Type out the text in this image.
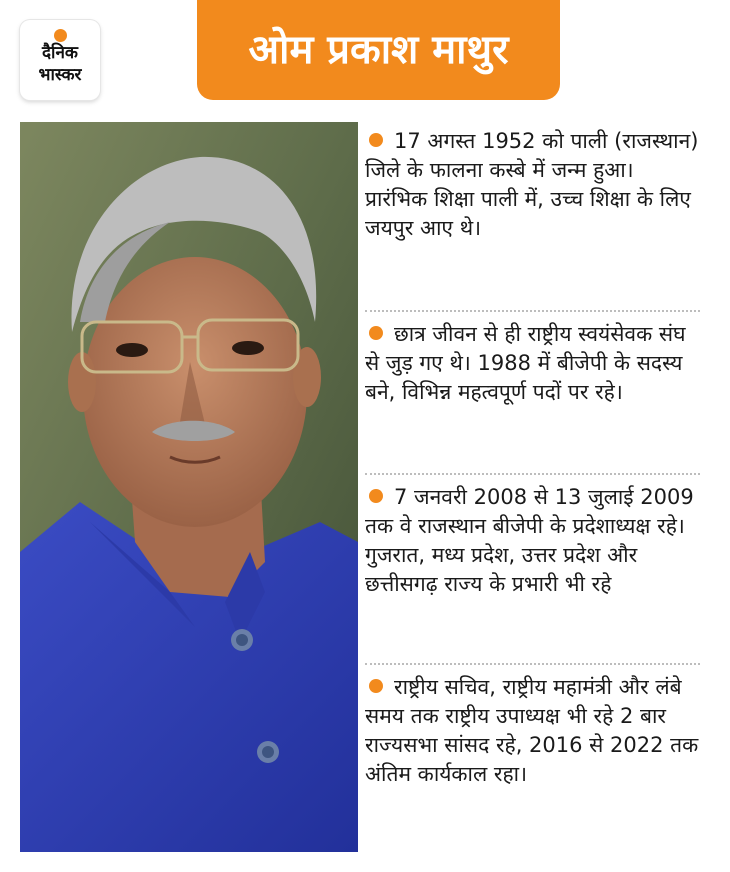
दैनिक
भास्कर
ओम प्रकाश माथुर

17 अगस्त 1952 को पाली (राजस्थान) जिले के फालना कस्बे में जन्म हुआ। प्रारंभिक शिक्षा पाली में, उच्च शिक्षा के लिए जयपुर आए थे।

छात्र जीवन से ही राष्ट्रीय स्वयंसेवक संघ से जुड़ गए थे। 1988 में बीजेपी के सदस्य बने, विभिन्न महत्वपूर्ण पदों पर रहे।

7 जनवरी 2008 से 13 जुलाई 2009 तक वे राजस्थान बीजेपी के प्रदेशाध्यक्ष रहे। गुजरात, मध्य प्रदेश, उत्तर प्रदेश और छत्तीसगढ़ राज्य के प्रभारी भी रहे

राष्ट्रीय सचिव, राष्ट्रीय महामंत्री और लंबे समय तक राष्ट्रीय उपाध्यक्ष भी रहे 2 बार राज्यसभा सांसद रहे, 2016 से 2022 तक अंतिम कार्यकाल रहा।
